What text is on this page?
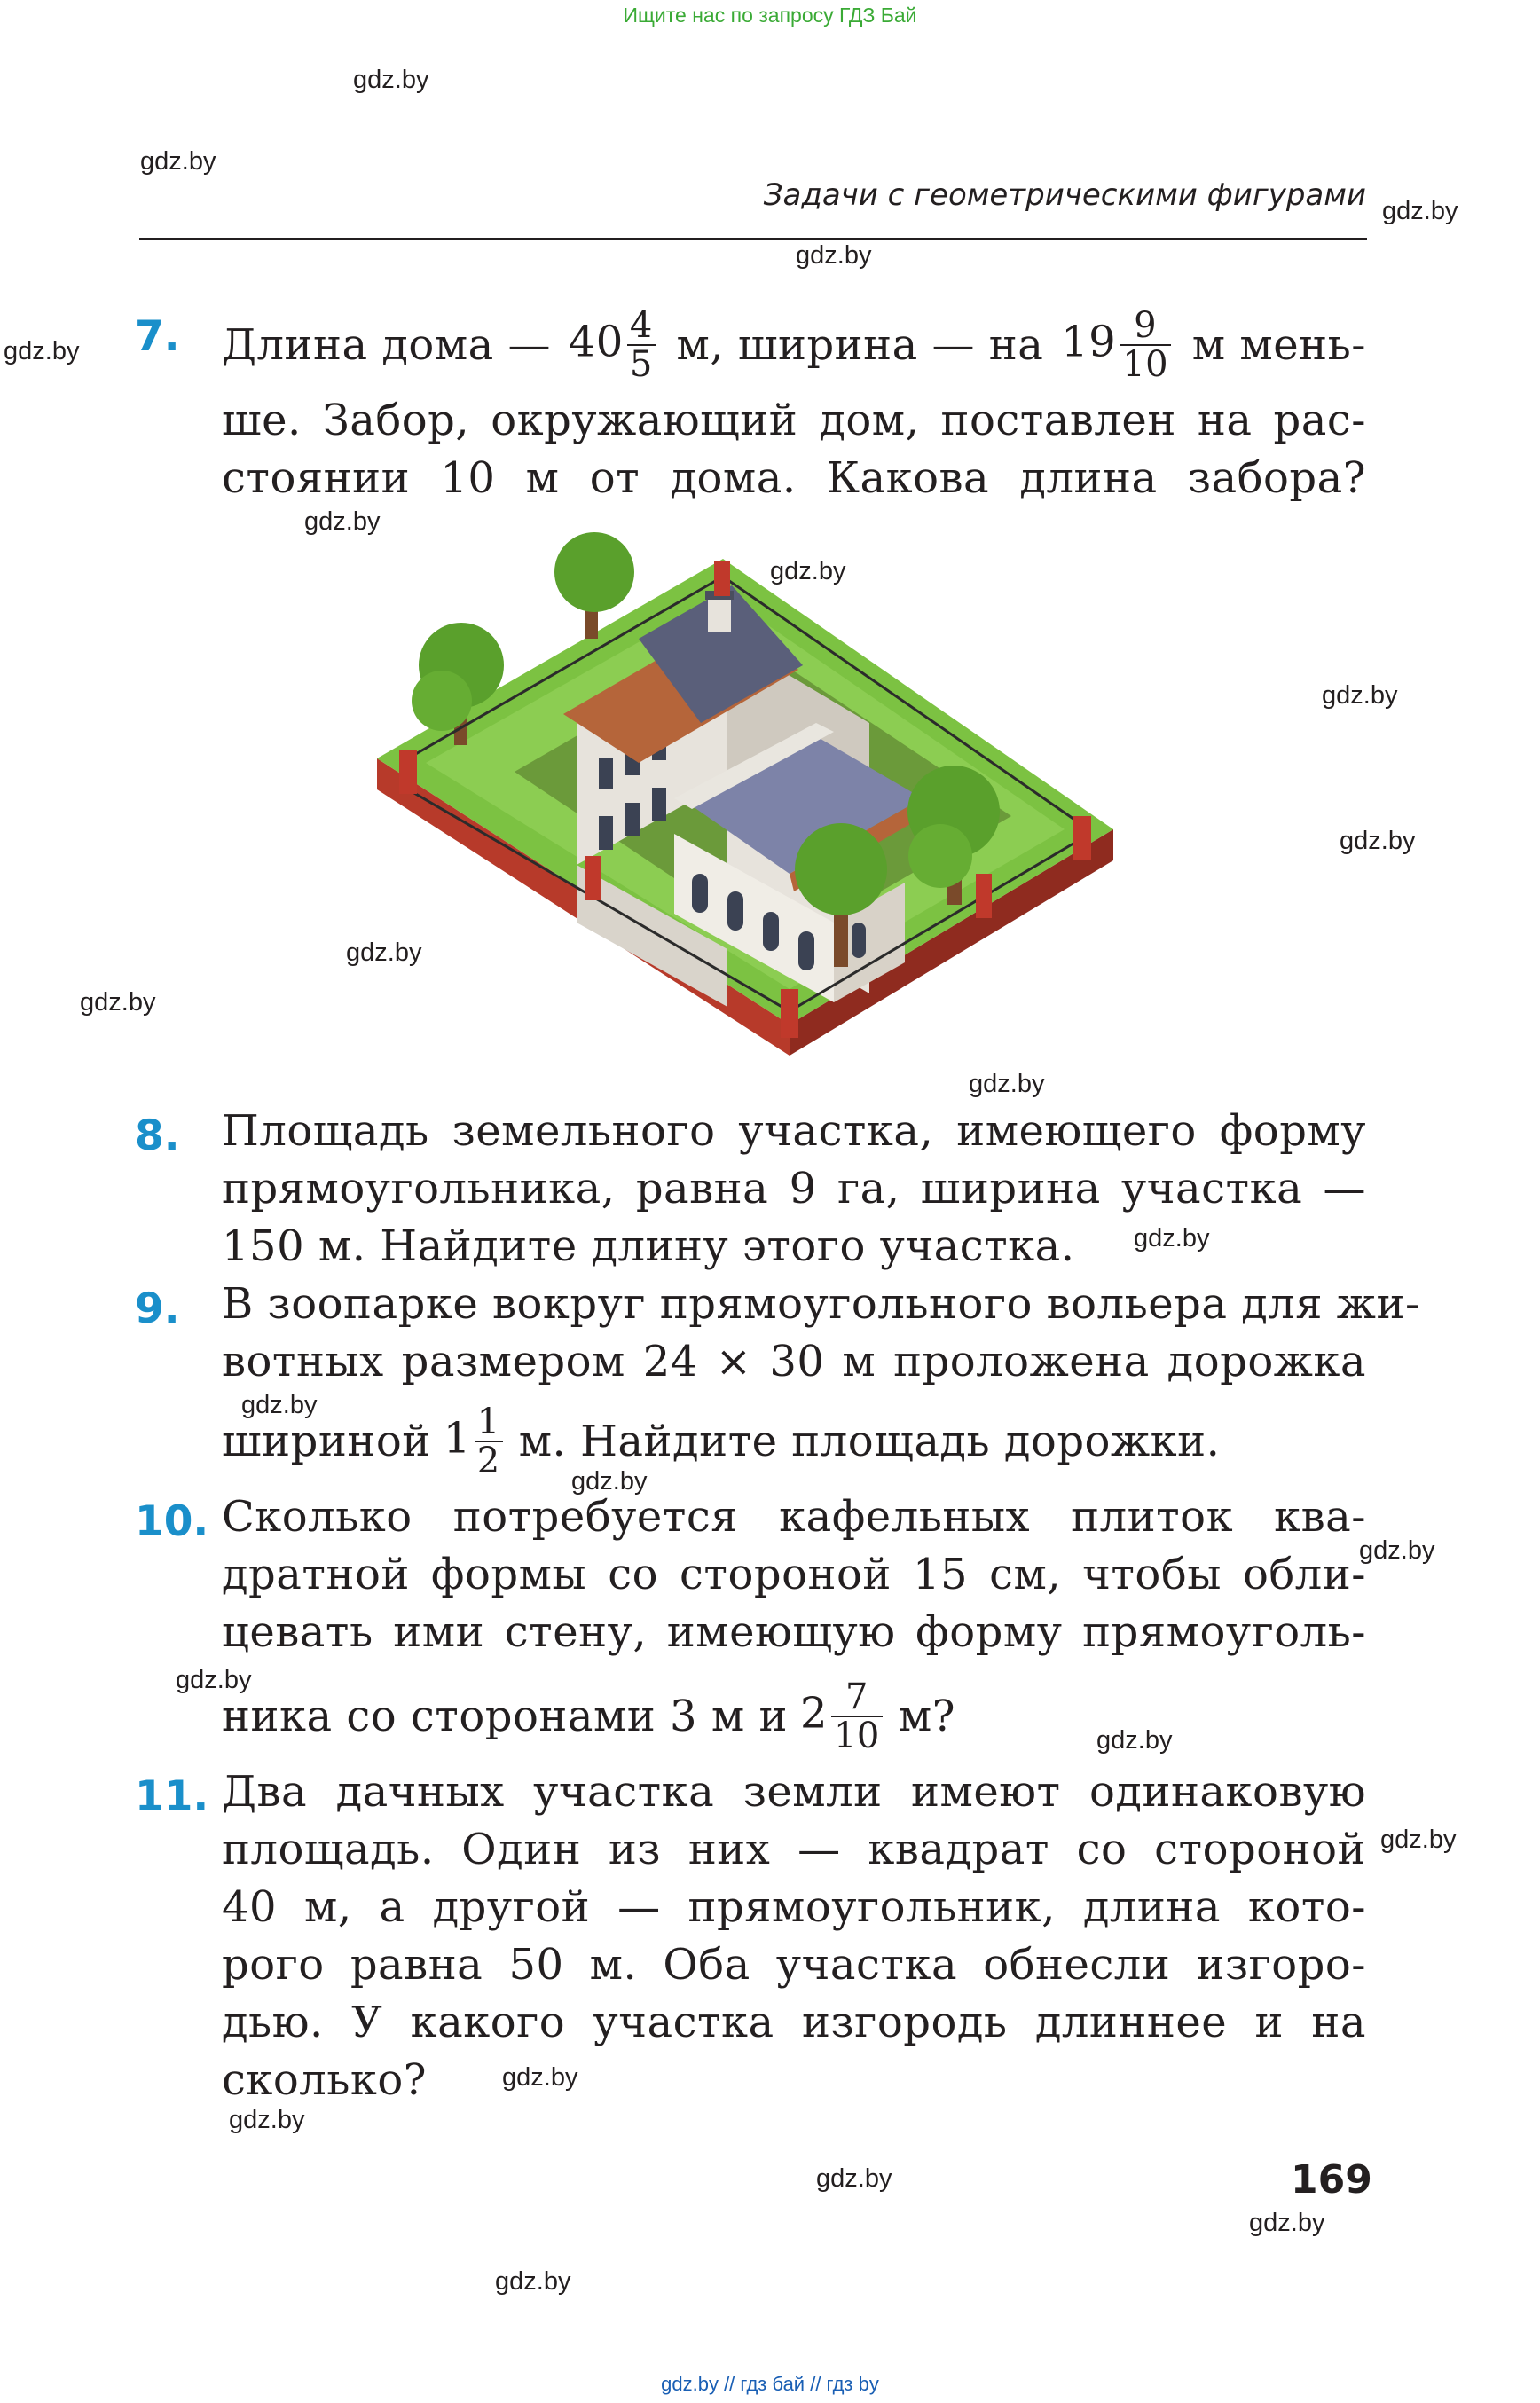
Ищите нас по запросу ГДЗ Бай
gdz.by
gdz.by
gdz.by
gdz.by
gdz.by
gdz.by
gdz.by
gdz.by
gdz.by
gdz.by
gdz.by
gdz.by
gdz.by
gdz.by
gdz.by
gdz.by
gdz.by
gdz.by
gdz.by
gdz.by
gdz.by
gdz.by
gdz.by
gdz.by
Задачи с геометрическими фигурами
7. Длина дома — $40 \frac{4}{5} м$, ширина — на $19 \frac{9}{10}$ м мень-
ше. Забор, окружающий дом, поставлен на рас-
стоянии 10 м от дома. Какова длина забора?
8. Площадь земельного участка, имеющего форму
прямоугольника, равна 9 га, ширина участка —
150 м. Найдите длину этого участка.
9. В зоопарке вокруг прямоугольного вольера для жи-
вотных размером 24 × 30 м проложена дорожка
шириной $1 \frac{1}{2} м$. Найдите площадь дорожки.
10. Сколько потребуется кафельных плиток ква-
дратной формы со стороной 15 см, чтобы обли-
цевать ими стену, имеющую форму прямоуголь-
ника со сторонами 3 м и $2 \frac{7}{10} м$?
11. Два дачных участка земли имеют одинаковую
площадь. Один из них — квадрат со стороной
40 м, а другой — прямоугольник, длина кото-
рого равна 50 м. Оба участка обнесли изгоро-
дью. У какого участка изгородь длиннее и на
сколько?
169
gdz.by // гдз бай // гдз by
